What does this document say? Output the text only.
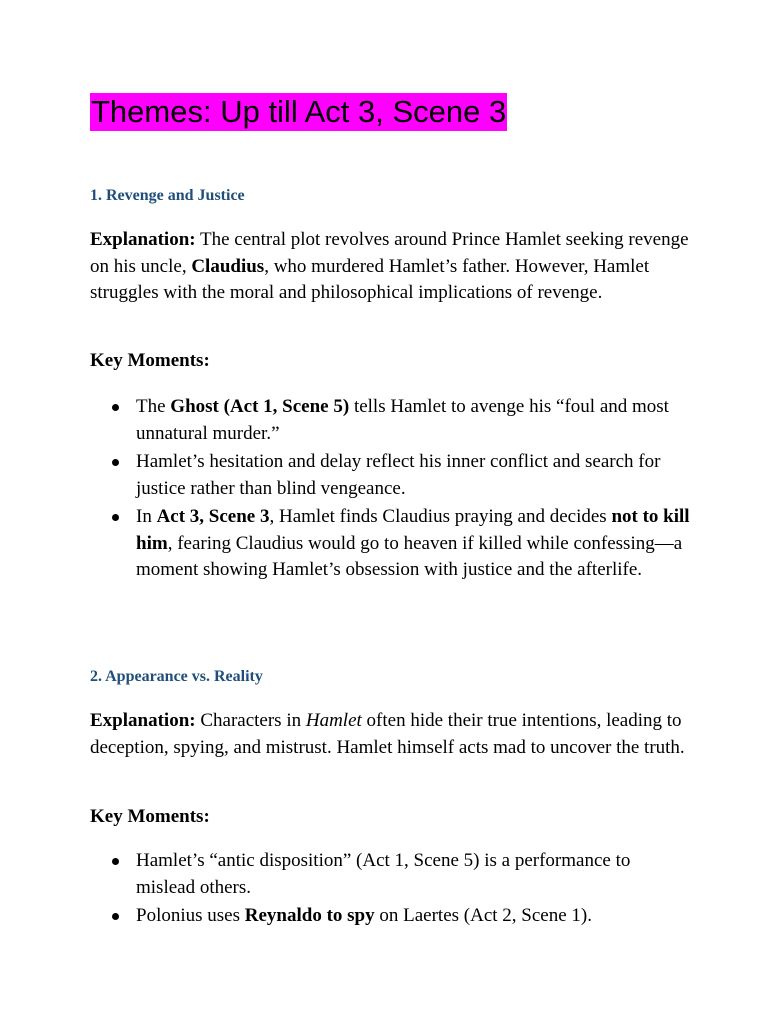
Themes: Up till Act 3, Scene 3
1. Revenge and Justice

Explanation: The central plot revolves around Prince Hamlet seeking revenge on his uncle, Claudius, who murdered Hamlet’s father. However, Hamlet struggles with the moral and philosophical implications of revenge.

Key Moments:
The Ghost (Act 1, Scene 5) tells Hamlet to avenge his “foul and most unnatural murder.”
Hamlet’s hesitation and delay reflect his inner conflict and search for justice rather than blind vengeance.
In Act 3, Scene 3, Hamlet finds Claudius praying and decides not to kill him, fearing Claudius would go to heaven if killed while confessing—a moment showing Hamlet’s obsession with justice and the afterlife.
2. Appearance vs. Reality

Explanation: Characters in Hamlet often hide their true intentions, leading to deception, spying, and mistrust. Hamlet himself acts mad to uncover the truth.

Key Moments:
Hamlet’s “antic disposition” (Act 1, Scene 5) is a performance to mislead others.
Polonius uses Reynaldo to spy on Laertes (Act 2, Scene 1).
